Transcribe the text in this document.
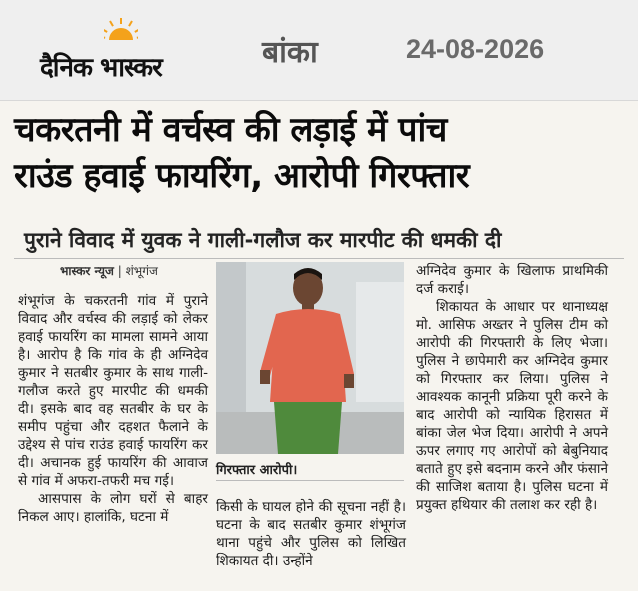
दैनिक भास्कर	बांका	24-08-2026
चकरतनी में वर्चस्व की लड़ाई में पांच
राउंड हवाई फायरिंग, आरोपी गिरफ्तार
पुराने विवाद में युवक ने गाली-गलौज कर मारपीट की धमकी दी
भास्कर न्यूज | शंभूगंज

शंभूगंज के चकरतनी गांव में पुराने विवाद और वर्चस्व की लड़ाई को लेकर हवाई फायरिंग का मामला सामने आया है। आरोप है कि गांव के ही अग्निदेव कुमार ने सतबीर कुमार के साथ गाली-गलौज करते हुए मारपीट की धमकी दी। इसके बाद वह सतबीर के घर के समीप पहुंचा और दहशत फैलाने के उद्देश्य से पांच राउंड हवाई फायरिंग कर दी। अचानक हुई फायरिंग की आवाज से गांव में अफरा-तफरी मच गई।

आसपास के लोग घरों से बाहर निकल आए। हालांकि, घटना में

गिरफ्तार आरोपी।

किसी के घायल होने की सूचना नहीं है। घटना के बाद सतबीर कुमार शंभूगंज थाना पहुंचे और पुलिस को लिखित शिकायत दी। उन्होंने

अग्निदेव कुमार के खिलाफ प्राथमिकी दर्ज कराई।

शिकायत के आधार पर थानाध्यक्ष मो. आसिफ अख्तर ने पुलिस टीम को आरोपी की गिरफ्तारी के लिए भेजा। पुलिस ने छापेमारी कर अग्निदेव कुमार को गिरफ्तार कर लिया। पुलिस ने आवश्यक कानूनी प्रक्रिया पूरी करने के बाद आरोपी को न्यायिक हिरासत में बांका जेल भेज दिया। आरोपी ने अपने ऊपर लगाए गए आरोपों को बेबुनियाद बताते हुए इसे बदनाम करने और फंसाने की साजिश बताया है। पुलिस घटना में प्रयुक्त हथियार की तलाश कर रही है।
